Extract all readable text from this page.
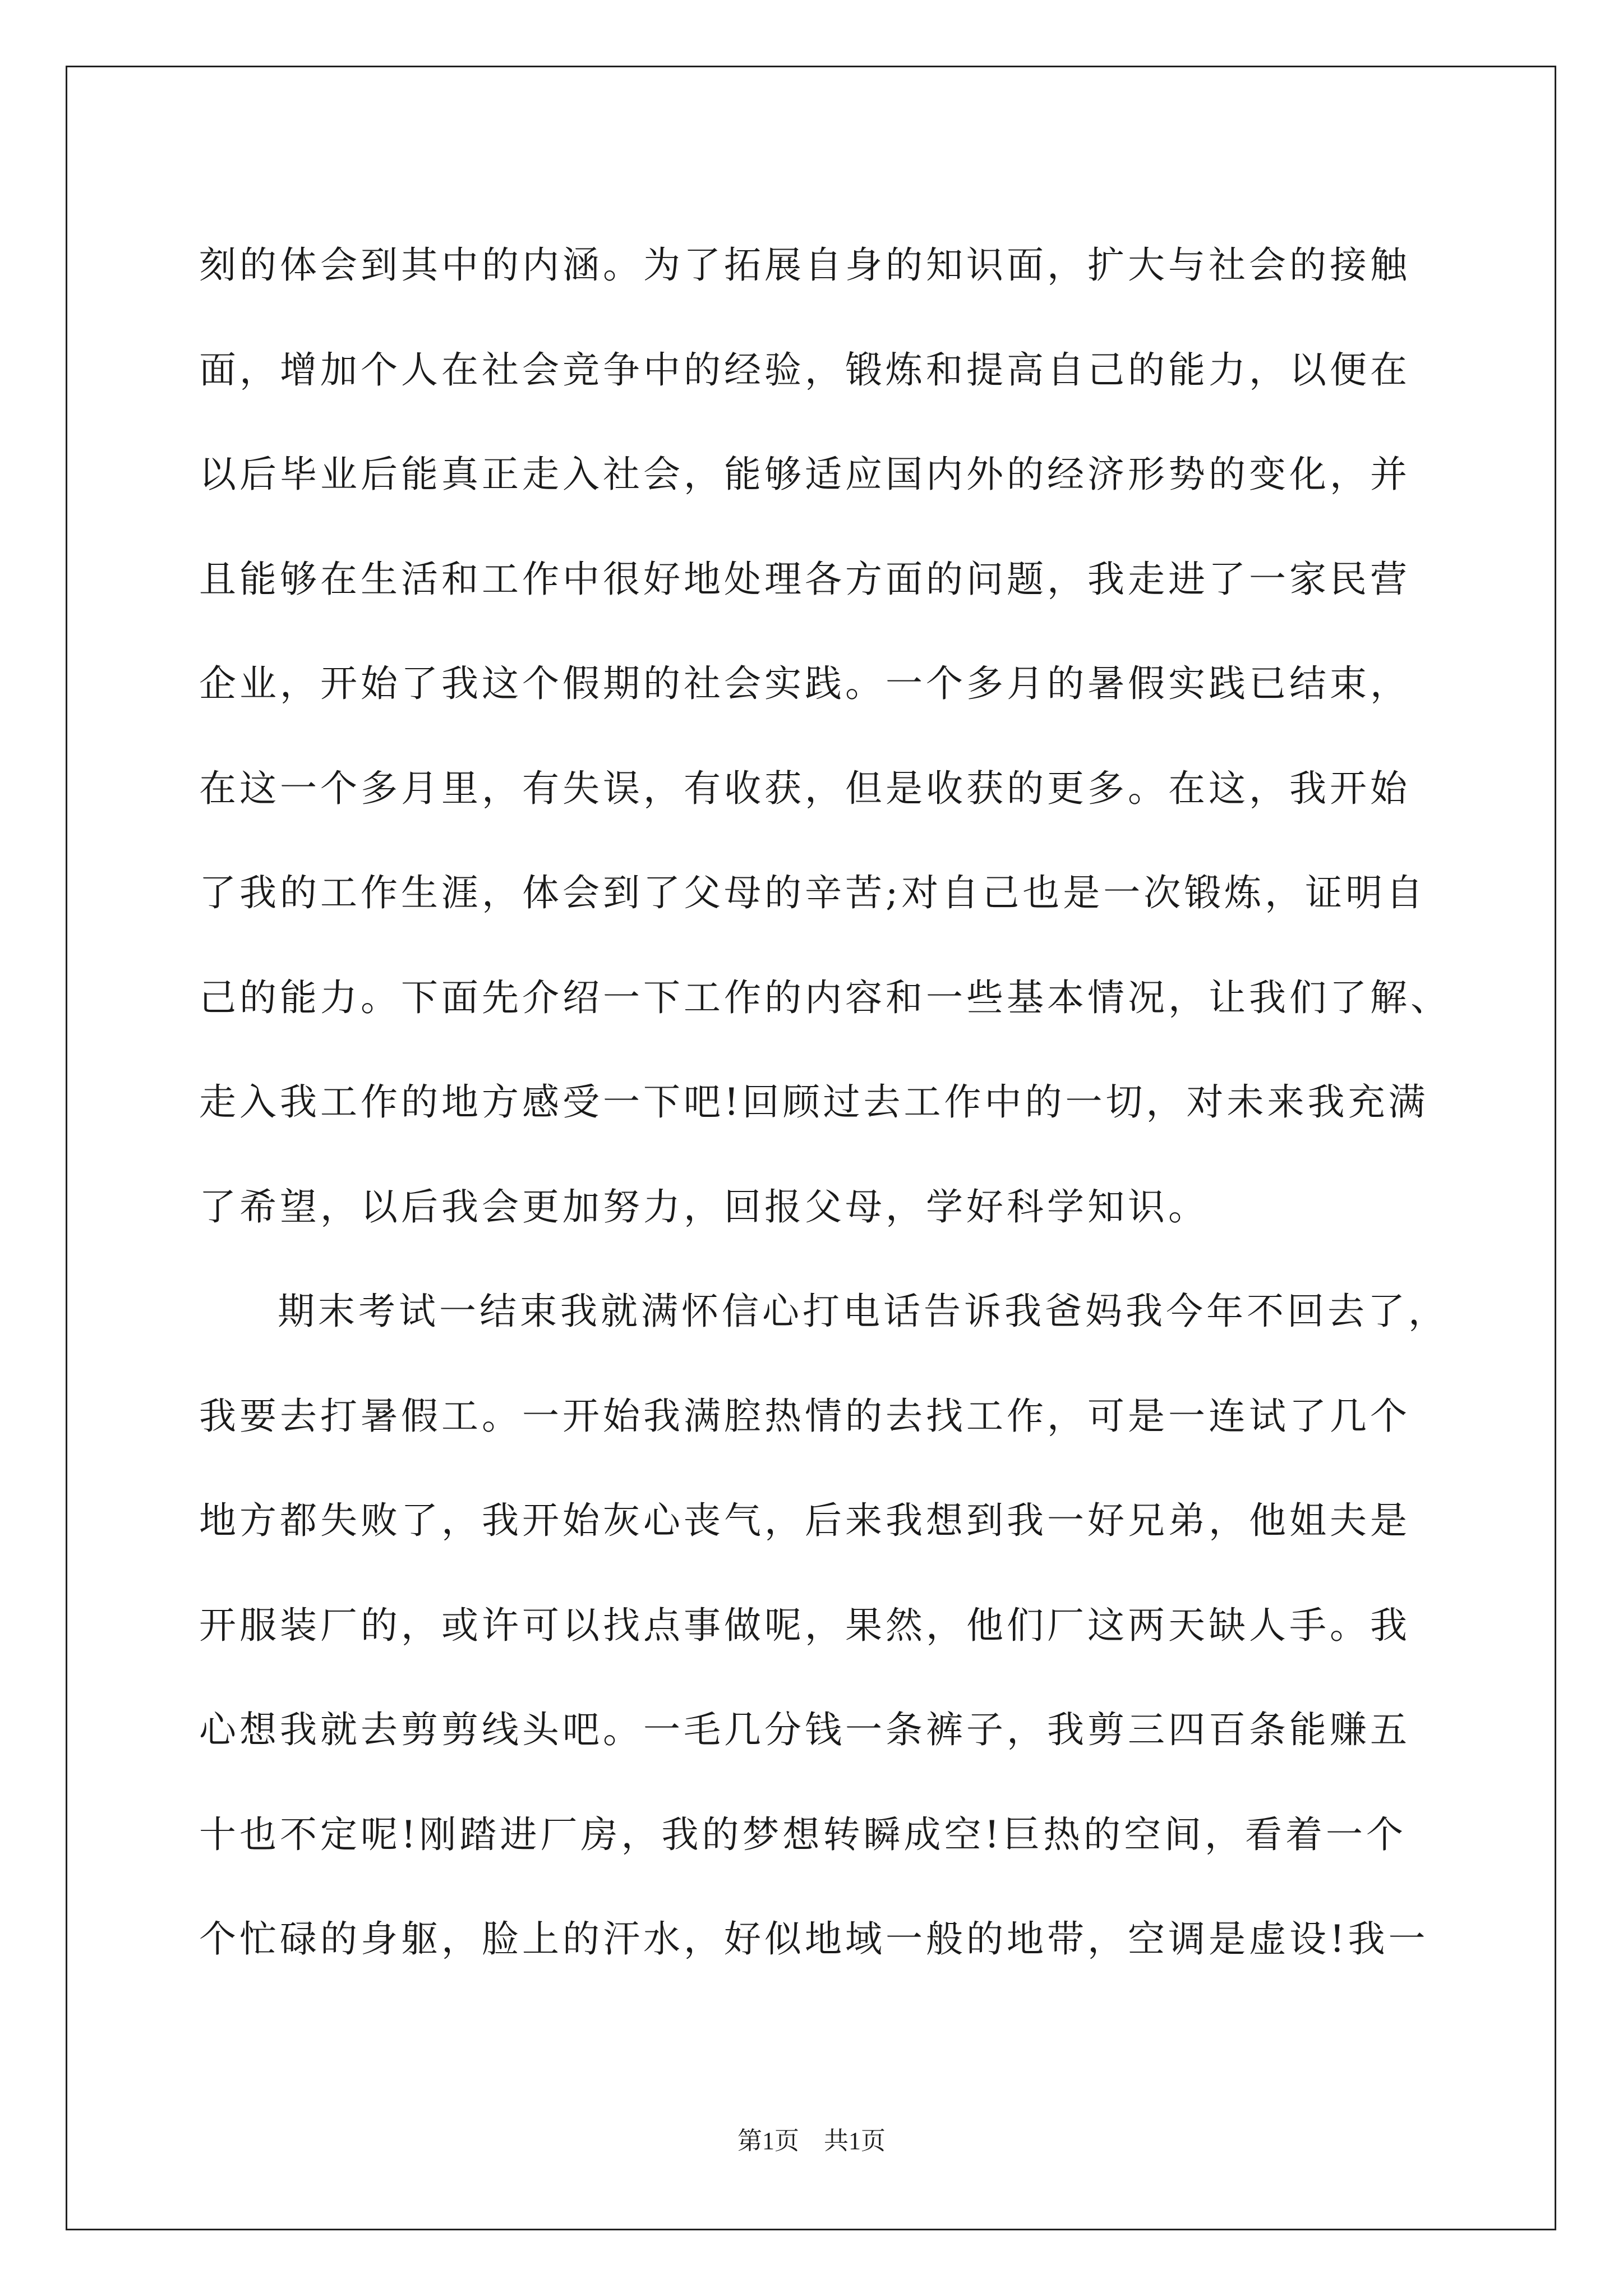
刻的体会到其中的内涵。为了拓展自身的知识面，扩大与社会的接触
面，增加个人在社会竞争中的经验，锻炼和提高自己的能力，以便在
以后毕业后能真正走入社会，能够适应国内外的经济形势的变化，并
且能够在生活和工作中很好地处理各方面的问题，我走进了一家民营
企业，开始了我这个假期的社会实践。一个多月的暑假实践已结束，
在这一个多月里，有失误，有收获，但是收获的更多。在这，我开始
了我的工作生涯，体会到了父母的辛苦;对自己也是一次锻炼，证明自
己的能力。下面先介绍一下工作的内容和一些基本情况，让我们了解、
走入我工作的地方感受一下吧!回顾过去工作中的一切，对未来我充满
了希望，以后我会更加努力，回报父母，学好科学知识。
期末考试一结束我就满怀信心打电话告诉我爸妈我今年不回去了，
我要去打暑假工。一开始我满腔热情的去找工作，可是一连试了几个
地方都失败了，我开始灰心丧气，后来我想到我一好兄弟，他姐夫是
开服装厂的，或许可以找点事做呢，果然，他们厂这两天缺人手。我
心想我就去剪剪线头吧。一毛几分钱一条裤子，我剪三四百条能赚五
十也不定呢!刚踏进厂房，我的梦想转瞬成空!巨热的空间，看着一个
个忙碌的身躯，脸上的汗水，好似地域一般的地带，空调是虚设!我一
第1页　共1页
